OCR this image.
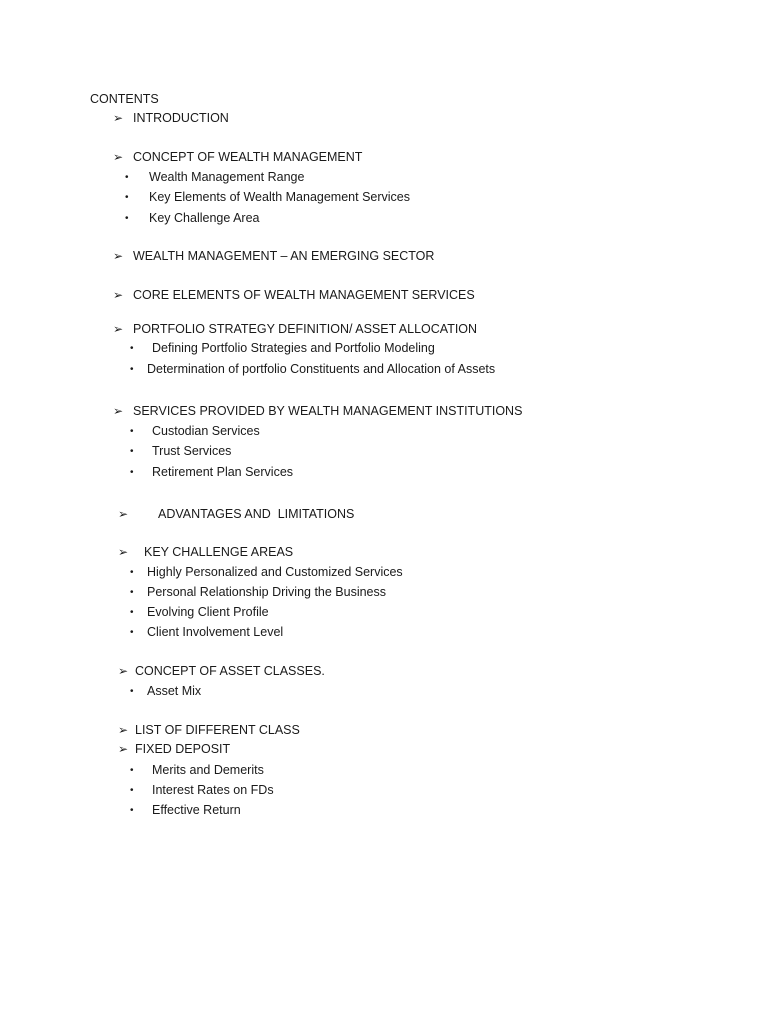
CONTENTS
➢ INTRODUCTION
➢ CONCEPT OF WEALTH MANAGEMENT
• Wealth Management Range
• Key Elements of Wealth Management Services
• Key Challenge Area
➢ WEALTH MANAGEMENT – AN EMERGING SECTOR
➢ CORE ELEMENTS OF WEALTH MANAGEMENT SERVICES
➢ PORTFOLIO STRATEGY DEFINITION/ ASSET ALLOCATION
• Defining Portfolio Strategies and Portfolio Modeling
• Determination of portfolio Constituents and Allocation of Assets
➢ SERVICES PROVIDED BY WEALTH MANAGEMENT INSTITUTIONS
• Custodian Services
• Trust Services
• Retirement Plan Services
➢ ADVANTAGES AND  LIMITATIONS
➢ KEY CHALLENGE AREAS
• Highly Personalized and Customized Services
• Personal Relationship Driving the Business
• Evolving Client Profile
• Client Involvement Level
➢ CONCEPT OF ASSET CLASSES.
• Asset Mix
➢ LIST OF DIFFERENT CLASS
➢ FIXED DEPOSIT
• Merits and Demerits
• Interest Rates on FDs
• Effective Return
